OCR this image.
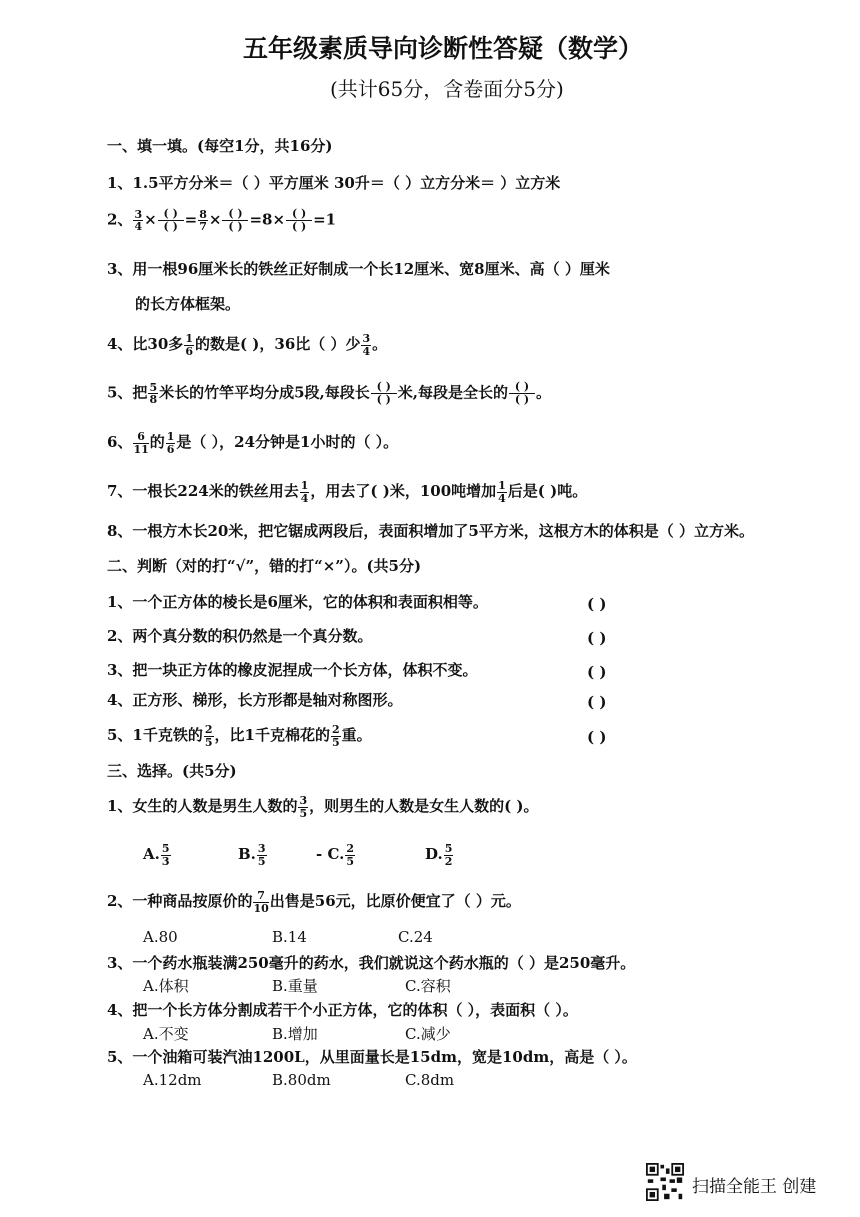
五年级素质导向诊断性答疑（数学）
(共计65分，含卷面分5分)
一、填一填。(每空1分，共16分)
1、1.5平方分米＝（ ）平方厘米 30升＝（ ）立方分米＝ ）立方米
2、 $\frac{3}{4}$ × ( )
( ) = $\frac{8}{7}$ × ( )
( ) =8× ( )
( ) =1
3、用一根96厘米长的铁丝正好制成一个长12厘米、宽8厘米、高（ ）厘米
的长方体框架。
4、比30多 $\frac{1}{6}$ 的数是( )，36比（ ）少 $\frac{3}{4}$ 。
5、把 $\frac{5}{8}$ 米长的竹竿平均分成5段,每段长 ( )
( ) 米,每段是全长的 ( )
( ) 。
6、 $\frac{6}{11}$ 的 $\frac{1}{6}$ 是（ ），24分钟是1小时的（ ）。
7、一根长224米的铁丝用去 $\frac{1}{4}$ ，用去了( )米，100吨增加 $\frac{1}{4}$ 后是( )吨。
8、一根方木长20米，把它锯成两段后，表面积增加了5平方米，这根方木的体积是（ ）立方米。
二、判断（对的打“√”，错的打“×”）。(共5分)
1、一个正方体的棱长是6厘米，它的体积和表面积相等。	( )
2、两个真分数的积仍然是一个真分数。	( )
3、把一块正方体的橡皮泥捏成一个长方体，体积不变。	( )
4、正方形、梯形，长方形都是轴对称图形。	( )
5、1千克铁的 $\frac{2}{5}$ ，比1千克棉花的 $\frac{2}{5}$ 重。	( )
三、选择。(共5分)
1、女生的人数是男生人数的 $\frac{3}{5}$ ，则男生的人数是女生人数的( )。
A. $\frac{5}{3}$	B. $\frac{3}{5}$	- C. $\frac{2}{5}$	D. $\frac{5}{2}$
2、一种商品按原价的 $\frac{7}{10}$ 出售是56元，比原价便宜了（ ）元。
A.80	B.14	C.24
3、一个药水瓶装满250毫升的药水，我们就说这个药水瓶的（ ）是250毫升。
A.体积	B.重量	C.容积
4、把一个长方体分割成若干个小正方体，它的体积（ ），表面积（ ）。
A.不变	B.增加	C.减少
5、一个油箱可装汽油1200L，从里面量长是15dm，宽是10dm，高是（ ）。
A.12dm	B.80dm	C.8dm
扫描全能王 创建
